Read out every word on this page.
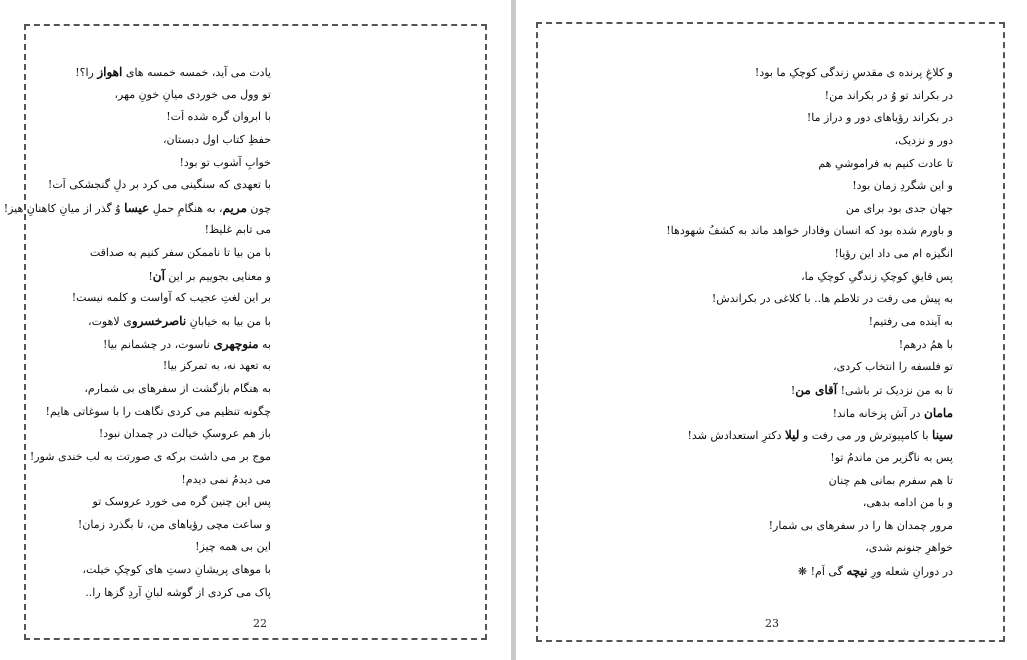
یادت می آید، خمسه خمسه های اهواز را؟!
تو وول می خوردی میانِ خونِ مهر،
با ابروان گره شده اَت!
حفظِ کتاب اول دبستان،
خوابِ آشوب تو بود!
با تعهدی که سنگینی می کرد بر دلِ گنجشکی اَت!
چون مریم، به هنگامِ حملِ عیسا وُ گذر از میانِ کاهنانِ هیز!
می تابم غلیظ!
با من بیا تا ناممکن سفر کنیم به صداقت
و معنایی بجوییم بر این آن!
بر این لغتِ عجیب که آواست و کلمه نیست!
با من بیا به خیابانِ ناصرخسروی لاهوت،
به منوچهری ناسوت، در چشمانم بیا!
به تعهد نه، به تمرکز بیا!
به هنگام بازگشت از سفرهای بی شمارم،
چگونه تنظیم می کردی نگاهت را با سوغاتی هایم!
باز هم عروسکِ خیالت در چمدان نبود!
موج بر می داشت برکه ی صورتت به لب خندی شور!
می دیدمُ نمی دیدم!
پس این چنین گره می خورد عروسک تو
و ساعت مچی رؤیاهای من، تا بگذرد زمان!
این بی همه چیز!
با موهای پریشانِ دستِ های کوچکِ خیلت،
پاک می کردی از گوشه لبانِ آردِ گزها را..
22
و کلاغِ پرنده ی مقدسِ زندگی کوچکِ ما بود!
در بکراند تو وُ در بکراند من!
در بکراند رؤیاهای دور و دراز ما!
دور و نزدیک،
تا عادت کنیم به فراموشیِ هم
و این شگردِ زمان بود!
جهان جدی بود برای من
و باورم شده بود که انسان وفادار خواهد ماند به کشفُ شهودها!
انگیزه ام می داد این رؤیا!
پس قایقِ کوچکِ زندگیِ کوچکِ ما،
به پیش می رفت در تلاطم ها.. با کلاغی در بکراندش!
به آینده می رفتیم!
با همُ درهم!
تو فلسفه را انتخاب کردی،
تا به من نزدیک تر باشی! آقای من!
مامان در آش پزخانه ماند!
سینا با کامپیوترش ور می رفت و لیلا دکترِ استعدادش شد!
پس به ناگزیر من ماندمُ تو!
تا هم سفرم بمانی هم چنان
و با من ادامه بدهی،
مرور چمدان ها را در سفرهای بی شمار!
خواهرِ جنونم شدی،
در دورانِ شعله ورِ نیچه گی اَم! ❋
23
